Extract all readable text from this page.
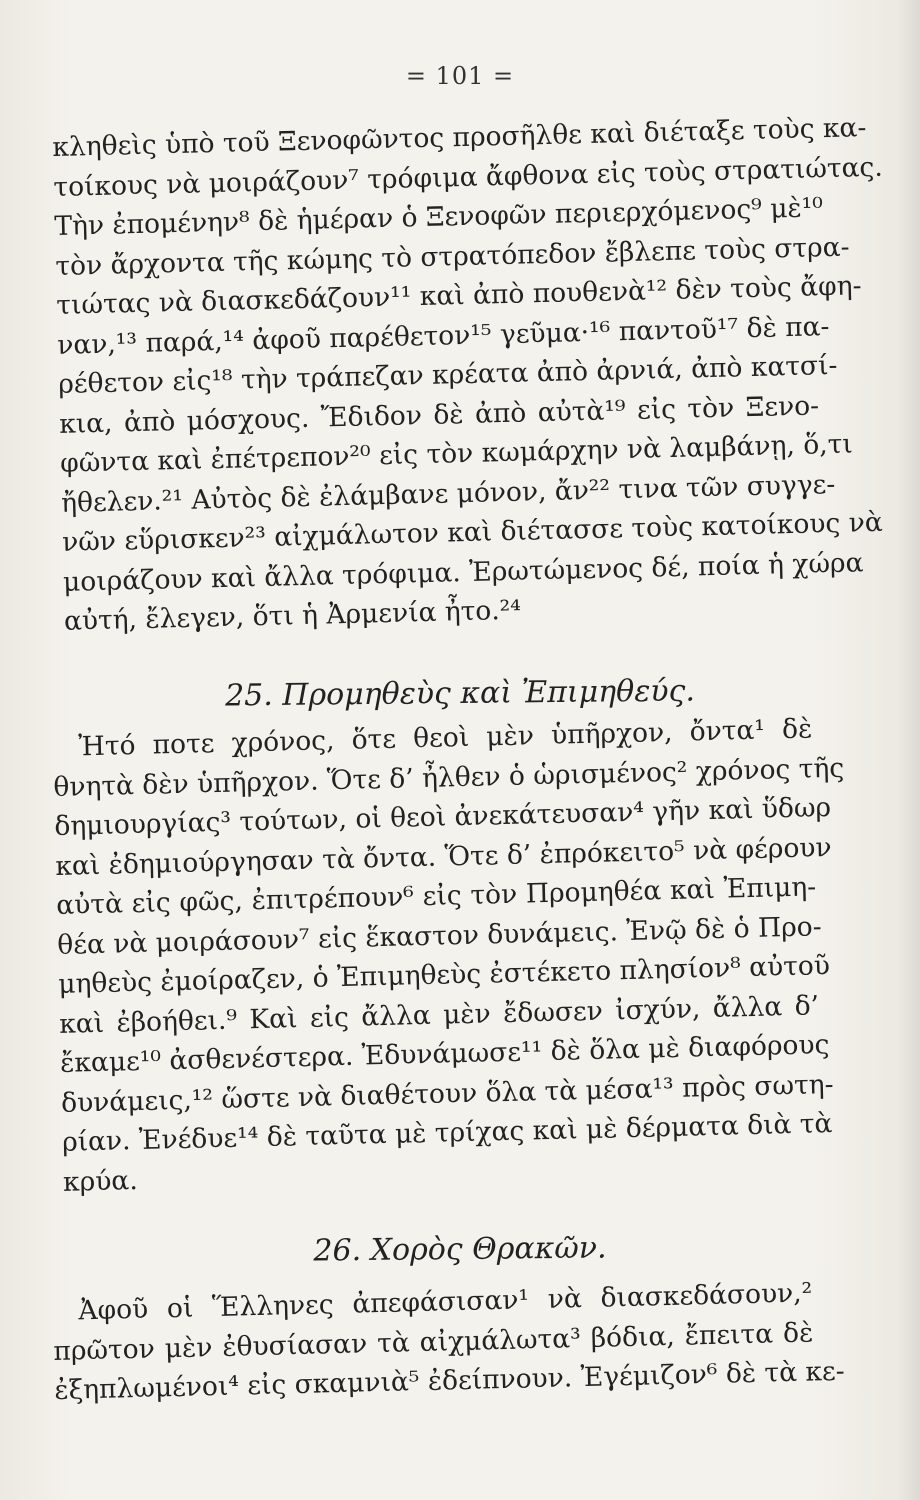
= 101 =
κληθεὶς ὑπὸ τοῦ Ξενοφῶντος προσῆλθε καὶ διέταξε τοὺς κα-
τοίκους νὰ μοιράζουν⁷ τρόφιμα ἄφθονα εἰς τοὺς στρατιώτας.
Τὴν ἐπομένην⁸ δὲ ἡμέραν ὁ Ξενοφῶν περιερχόμενος⁹ μὲ¹⁰
τὸν ἄρχοντα τῆς κώμης τὸ στρατόπεδον ἔβλεπε τοὺς στρα-
τιώτας νὰ διασκεδάζουν¹¹ καὶ ἀπὸ πουθενὰ¹² δὲν τοὺς ἄφη-
ναν,¹³ παρά,¹⁴ ἀφοῦ παρέθετον¹⁵ γεῦμα·¹⁶ παντοῦ¹⁷ δὲ πα-
ρέθετον εἰς¹⁸ τὴν τράπεζαν κρέατα ἀπὸ ἀρνιά, ἀπὸ κατσί-
κια, ἀπὸ μόσχους. Ἔδιδον δὲ ἀπὸ αὐτὰ¹⁹ εἰς τὸν Ξενο-
φῶντα καὶ ἐπέτρεπον²⁰ εἰς τὸν κωμάρχην νὰ λαμβάνῃ, ὅ,τι
ἤθελεν.²¹ Αὐτὸς δὲ ἐλάμβανε μόνον, ἄν²² τινα τῶν συγγε-
νῶν εὕρισκεν²³ αἰχμάλωτον καὶ διέτασσε τοὺς κατοίκους νὰ
μοιράζουν καὶ ἄλλα τρόφιμα. Ἐρωτώμενος δέ, ποία ἡ χώρα
αὐτή, ἔλεγεν, ὅτι ἡ Ἀρμενία ἦτο.²⁴
25. Προμηθεὺς καὶ Ἐπιμηθεύς.
Ἠτό ποτε χρόνος, ὅτε θεοὶ μὲν ὑπῆρχον, ὄντα¹ δὲ
θνητὰ δὲν ὑπῆρχον. Ὅτε δ’ ἦλθεν ὁ ὡρισμένος² χρόνος τῆς
δημιουργίας³ τούτων, οἱ θεοὶ ἀνεκάτευσαν⁴ γῆν καὶ ὕδωρ
καὶ ἐδημιούργησαν τὰ ὄντα. Ὅτε δ’ ἐπρόκειτο⁵ νὰ φέρουν
αὐτὰ εἰς φῶς, ἐπιτρέπουν⁶ εἰς τὸν Προμηθέα καὶ Ἐπιμη-
θέα νὰ μοιράσουν⁷ εἰς ἕκαστον δυνάμεις. Ἐνῷ δὲ ὁ Προ-
μηθεὺς ἐμοίραζεν, ὁ Ἐπιμηθεὺς ἐστέκετο πλησίον⁸ αὐτοῦ
καὶ ἐβοήθει.⁹ Καὶ εἰς ἄλλα μὲν ἔδωσεν ἰσχύν, ἄλλα δ’
ἔκαμε¹⁰ ἀσθενέστερα. Ἐδυνάμωσε¹¹ δὲ ὅλα μὲ διαφόρους
δυνάμεις,¹² ὥστε νὰ διαθέτουν ὅλα τὰ μέσα¹³ πρὸς σωτη-
ρίαν. Ἐνέδυε¹⁴ δὲ ταῦτα μὲ τρίχας καὶ μὲ δέρματα διὰ τὰ
κρύα.
26. Χορὸς Θρακῶν.
Ἀφοῦ οἱ Ἕλληνες ἀπεφάσισαν¹ νὰ διασκεδάσουν,²
πρῶτον μὲν ἐθυσίασαν τὰ αἰχμάλωτα³ βόδια, ἔπειτα δὲ
ἐξηπλωμένοι⁴ εἰς σκαμνιὰ⁵ ἐδείπνουν. Ἐγέμιζον⁶ δὲ τὰ κε-
